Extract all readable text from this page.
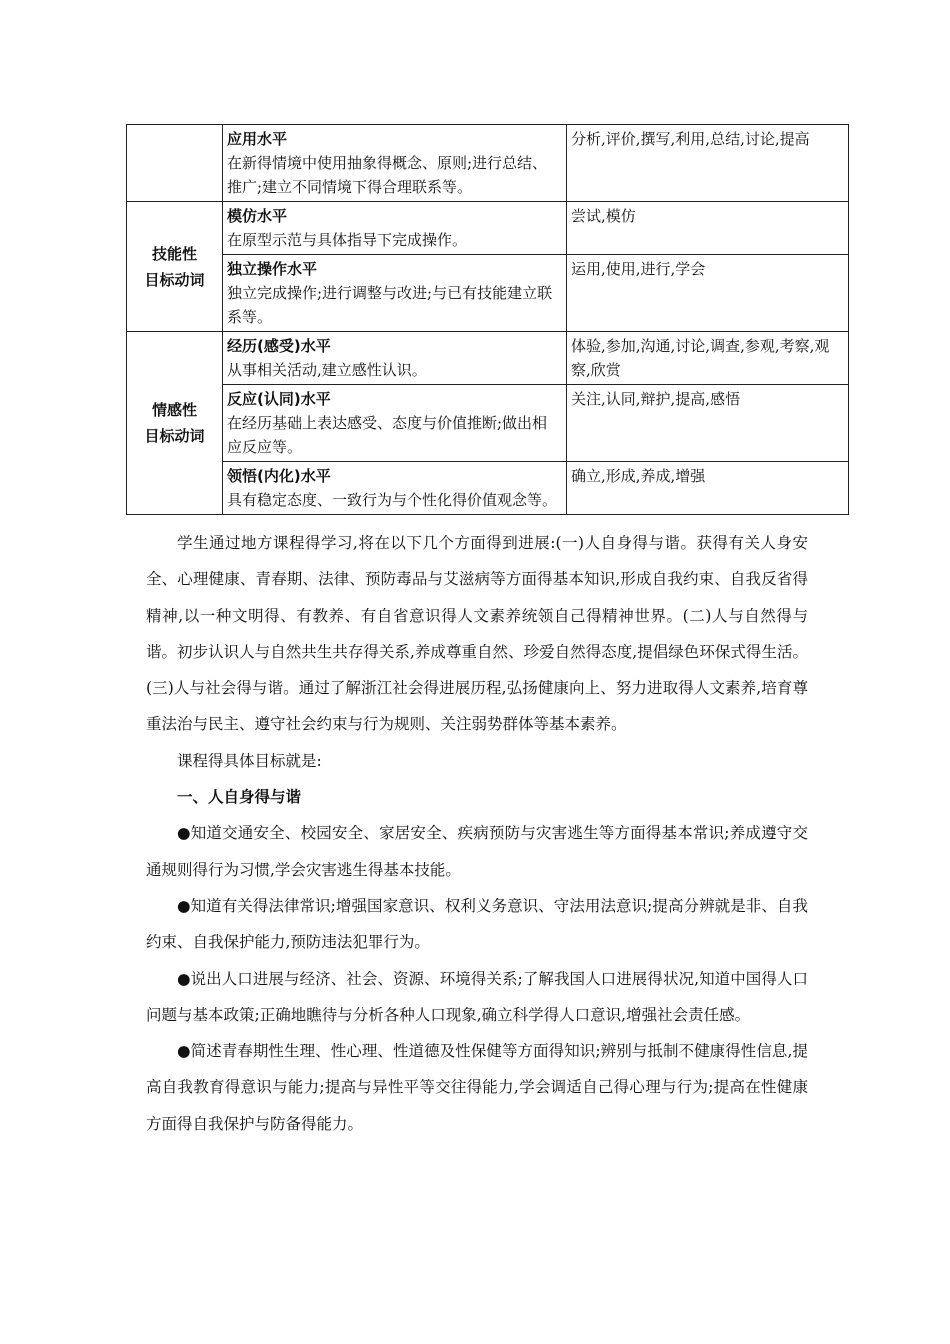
	应用水平
在新得情境中使用抽象得概念、原则;进行总结、推广;建立不同情境下得合理联系等。	分析,评价,撰写,利用,总结,讨论,提高

技能性
目标动词	模仿水平
在原型示范与具体指导下完成操作。	尝试,模仿

	独立操作水平
独立完成操作;进行调整与改进;与已有技能建立联系等。	运用,使用,进行,学会

情感性
目标动词	经历(感受)水平
从事相关活动,建立感性认识。	体验,参加,沟通,讨论,调查,参观,考察,观察,欣赏

	反应(认同)水平
在经历基础上表达感受、态度与价值推断;做出相应反应等。	关注,认同,辩护,提高,感悟

	领悟(内化)水平
具有稳定态度、一致行为与个性化得价值观念等。	确立,形成,养成,增强

学生通过地方课程得学习,将在以下几个方面得到进展:(一)人自身得与谐。获得有关人身安全、心理健康、青春期、法律、预防毒品与艾滋病等方面得基本知识,形成自我约束、自我反省得精神,以一种文明得、有教养、有自省意识得人文素养统领自己得精神世界。(二)人与自然得与谐。初步认识人与自然共生共存得关系,养成尊重自然、珍爱自然得态度,提倡绿色环保式得生活。(三)人与社会得与谐。通过了解浙江社会得进展历程,弘扬健康向上、努力进取得人文素养,培育尊重法治与民主、遵守社会约束与行为规则、关注弱势群体等基本素养。

课程得具体目标就是:

一、人自身得与谐

●知道交通安全、校园安全、家居安全、疾病预防与灾害逃生等方面得基本常识;养成遵守交通规则得行为习惯,学会灾害逃生得基本技能。

●知道有关得法律常识;增强国家意识、权利义务意识、守法用法意识;提高分辨就是非、自我约束、自我保护能力,预防违法犯罪行为。

●说出人口进展与经济、社会、资源、环境得关系;了解我国人口进展得状况,知道中国得人口问题与基本政策;正确地瞧待与分析各种人口现象,确立科学得人口意识,增强社会责任感。

●简述青春期性生理、性心理、性道德及性保健等方面得知识;辨别与抵制不健康得性信息,提高自我教育得意识与能力;提高与异性平等交往得能力,学会调适自己得心理与行为;提高在性健康方面得自我保护与防备得能力。
